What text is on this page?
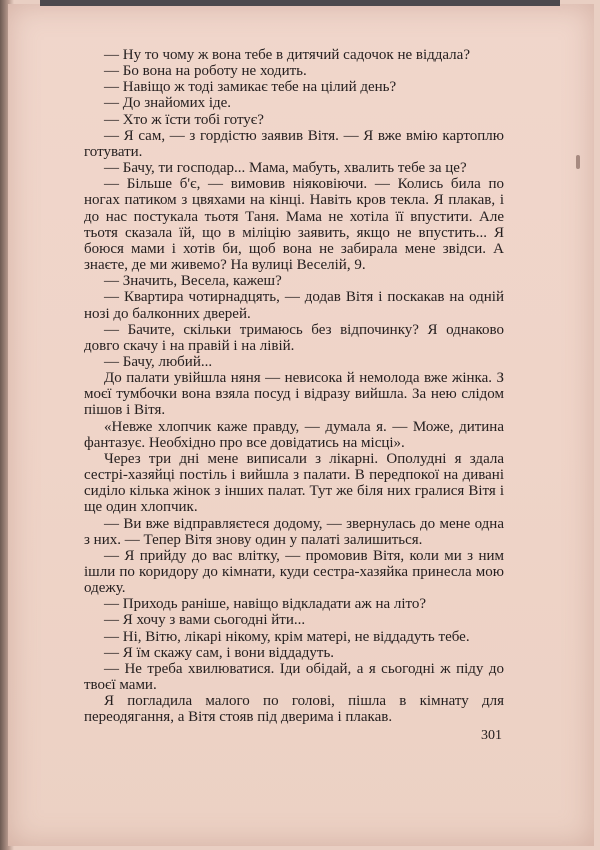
— Ну то чому ж вона тебе в дитячий садочок не віддала?

— Бо вона на роботу не ходить.

— Навіщо ж тоді замикає тебе на цілий день?

— До знайомих іде.

— Хто ж їсти тобі готує?

— Я сам, — з гордістю заявив Вітя. — Я вже вмію картоплю готувати.

— Бачу, ти господар... Мама, мабуть, хвалить тебе за це?

— Більше б'є, — вимовив ніяковіючи. — Колись била по ногах патиком з цвяхами на кінці. Навіть кров текла. Я плакав, і до нас постукала тьотя Таня. Мама не хотіла її впустити. Але тьотя сказала їй, що в міліцію заявить, якщо не впустить... Я боюся мами і хотів би, щоб вона не забирала мене звідси. А знаєте, де ми живемо? На вулиці Веселій, 9.

— Значить, Весела, кажеш?

— Квартира чотирнадцять, — додав Вітя і поскакав на одній нозі до балконних дверей.

— Бачите, скільки тримаюсь без відпочинку? Я однаково довго скачу і на правій і на лівій.

— Бачу, любий...

До палати увійшла няня — невисока й немолода вже жінка. З моєї тумбочки вона взяла посуд і відразу вийшла. За нею слідом пішов і Вітя.

«Невже хлопчик каже правду, — думала я. — Може, дитина фантазує. Необхідно про все довідатись на місці».

Через три дні мене виписали з лікарні. Ополудні я здала сестрі-хазяйці постіль і вийшла з палати. В передпокої на дивані сиділо кілька жінок з інших палат. Тут же біля них гралися Вітя і ще один хлопчик.

— Ви вже відправляєтеся додому, — звернулась до мене одна з них. — Тепер Вітя знову один у палаті залишиться.

— Я прийду до вас влітку, — промовив Вітя, коли ми з ним ішли по коридору до кімнати, куди сестра-хазяйка принесла мою одежу.

— Приходь раніше, навіщо відкладати аж на літо?

— Я хочу з вами сьогодні йти...

— Ні, Вітю, лікарі нікому, крім матері, не віддадуть тебе.

— Я їм скажу сам, і вони віддадуть.

— Не треба хвилюватися. Іди обідай, а я сьогодні ж піду до твоєї мами.

Я погладила малого по голові, пішла в кімнату для переодягання, а Вітя стояв під дверима і плакав.

301
